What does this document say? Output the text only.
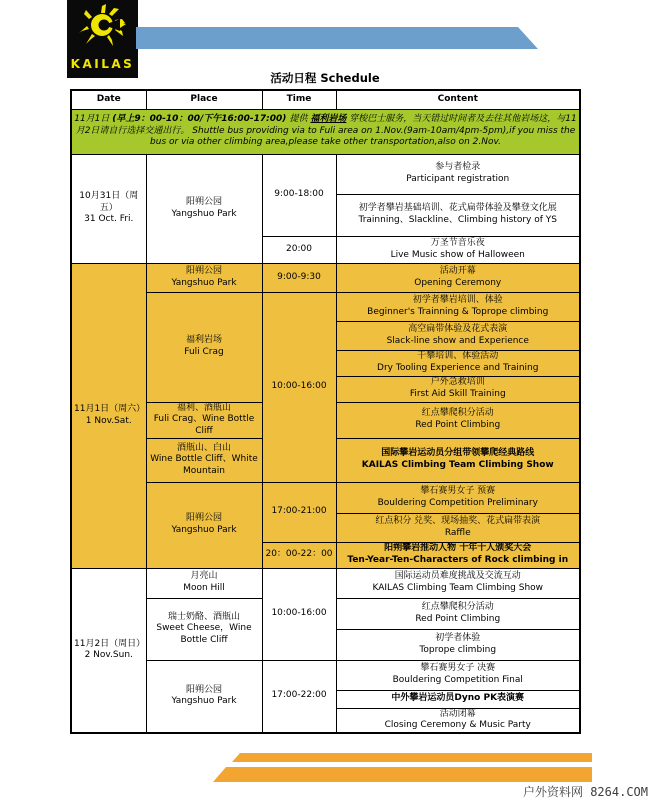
KAILAS
活动日程 Schedule
Date	Place	Time	Content
11月1日 (早上9：00-10：00/下午16:00-17:00) 提供 福利岩场 穿梭巴士服务，当天错过时间者及去往其他岩场这，与11月2日请自行选择交通出行。 Shuttle bus providing via to Fuli area on 1.Nov.(9am-10am/4pm-5pm),if you miss the bus or via other climbing area,please take other transportation,also on 2.Nov.			

10月31日（周五）
31 Oct. Fri.	阳朔公园
Yangshuo Park	9:00-18:00	参与者检录
Participant registration

			初学者攀岩基础培训、花式扁带体验及攀登文化展
Trainning、Slackline、Climbing history of YS

		20:00	万圣节音乐夜
Live Music show of Halloween

11月1日（周六）
1 Nov.Sat.	阳朔公园
Yangshuo Park	9:00-9:30	活动开幕
Opening Ceremony

	福利岩场
Fuli Crag	10:00-16:00	初学者攀岩培训、体验
Beginner's Trainning & Toprope climbing

			高空扁带体验及花式表演
Slack-line show and Experience

			干攀培训、体验活动
Dry Tooling Experience and Training

			户外急救培训
First Aid Skill Training

	福利、酒瓶山
Fuli Crag、Wine Bottle Cliff		红点攀爬积分活动
Red Point Climbing

	酒瓶山、白山
Wine Bottle Cliff、White Mountain		国际攀岩运动员分组带领攀爬经典路线
KAILAS Climbing Team Climbing Show

	阳朔公园
Yangshuo Park	17:00-21:00	攀石赛男女子 预赛
Bouldering Competition Preliminary

			红点积分 兑奖、现场抽奖、花式扁带表演
Raffle

		20：00-22：00	阳朔攀岩推动人物 十年十人颁奖大会
Ten-Year-Ten-Characters of Rock climbing in

11月2日（周日）
2 Nov.Sun.	月亮山
Moon Hill	10:00-16:00	国际运动员难度挑战及交流互动
KAILAS Climbing Team Climbing Show

	瑞士奶酪、酒瓶山
Sweet Cheese，Wine Bottle Cliff		红点攀爬积分活动
Red Point Climbing

			初学者体验
Toprope climbing

	阳朔公园
Yangshuo Park	17:00-22:00	攀石赛男女子 决赛
Bouldering Competition Final

			中外攀岩运动员Dyno PK表演赛

			活动闭幕
Closing Ceremony & Music Party
户外资料网 8264.COM
